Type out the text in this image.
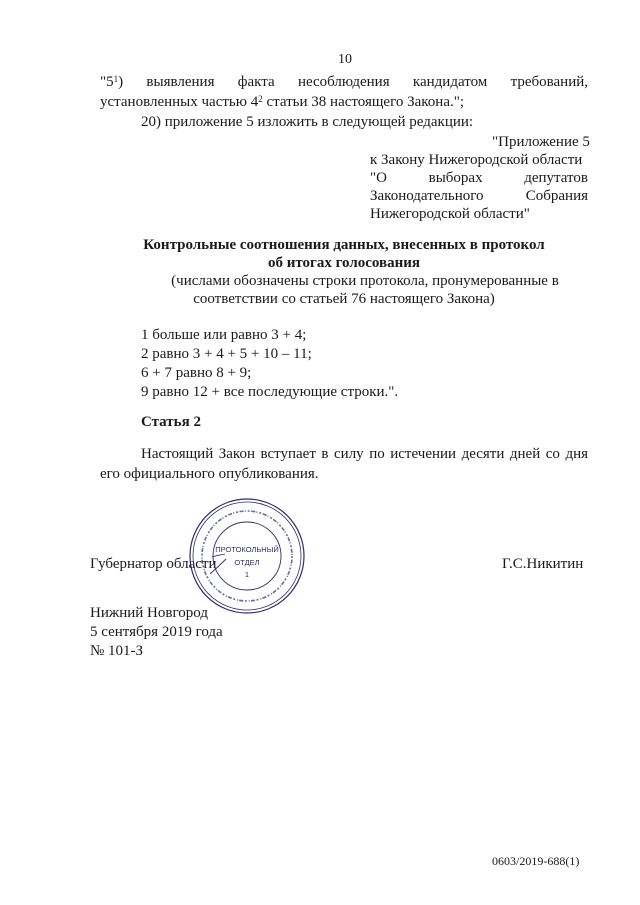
10
"$5^1$) выявления факта несоблюдения кандидатом требований,
установленных частью $4^2$ статьи 38 настоящего Закона.";
20) приложение 5 изложить в следующей редакции:
"Приложение 5
к Закону Нижегородской области
"О выборах депутатов
Законодательного Собрания
Нижегородской области"
Контрольные соотношения данных, внесенных в протокол
об итогах голосования
(числами обозначены строки протокола, пронумерованные в
соответствии со статьей 76 настоящего Закона)
1 больше или равно 3 + 4;
2 равно 3 + 4 + 5 + 10 – 11;
6 + 7 равно 8 + 9;
9 равно 12 + все последующие строки.".
Статья 2
Настоящий Закон вступает в силу по истечении десяти дней со дня
его официального опубликования.
Губернатор области	Г.С.Никитин
ПРОТОКОЛЬНЫЙ
ОТДЕЛ
1
Нижний Новгород
5 сентября 2019 года
№ 101-З
0603/2019-688(1)
